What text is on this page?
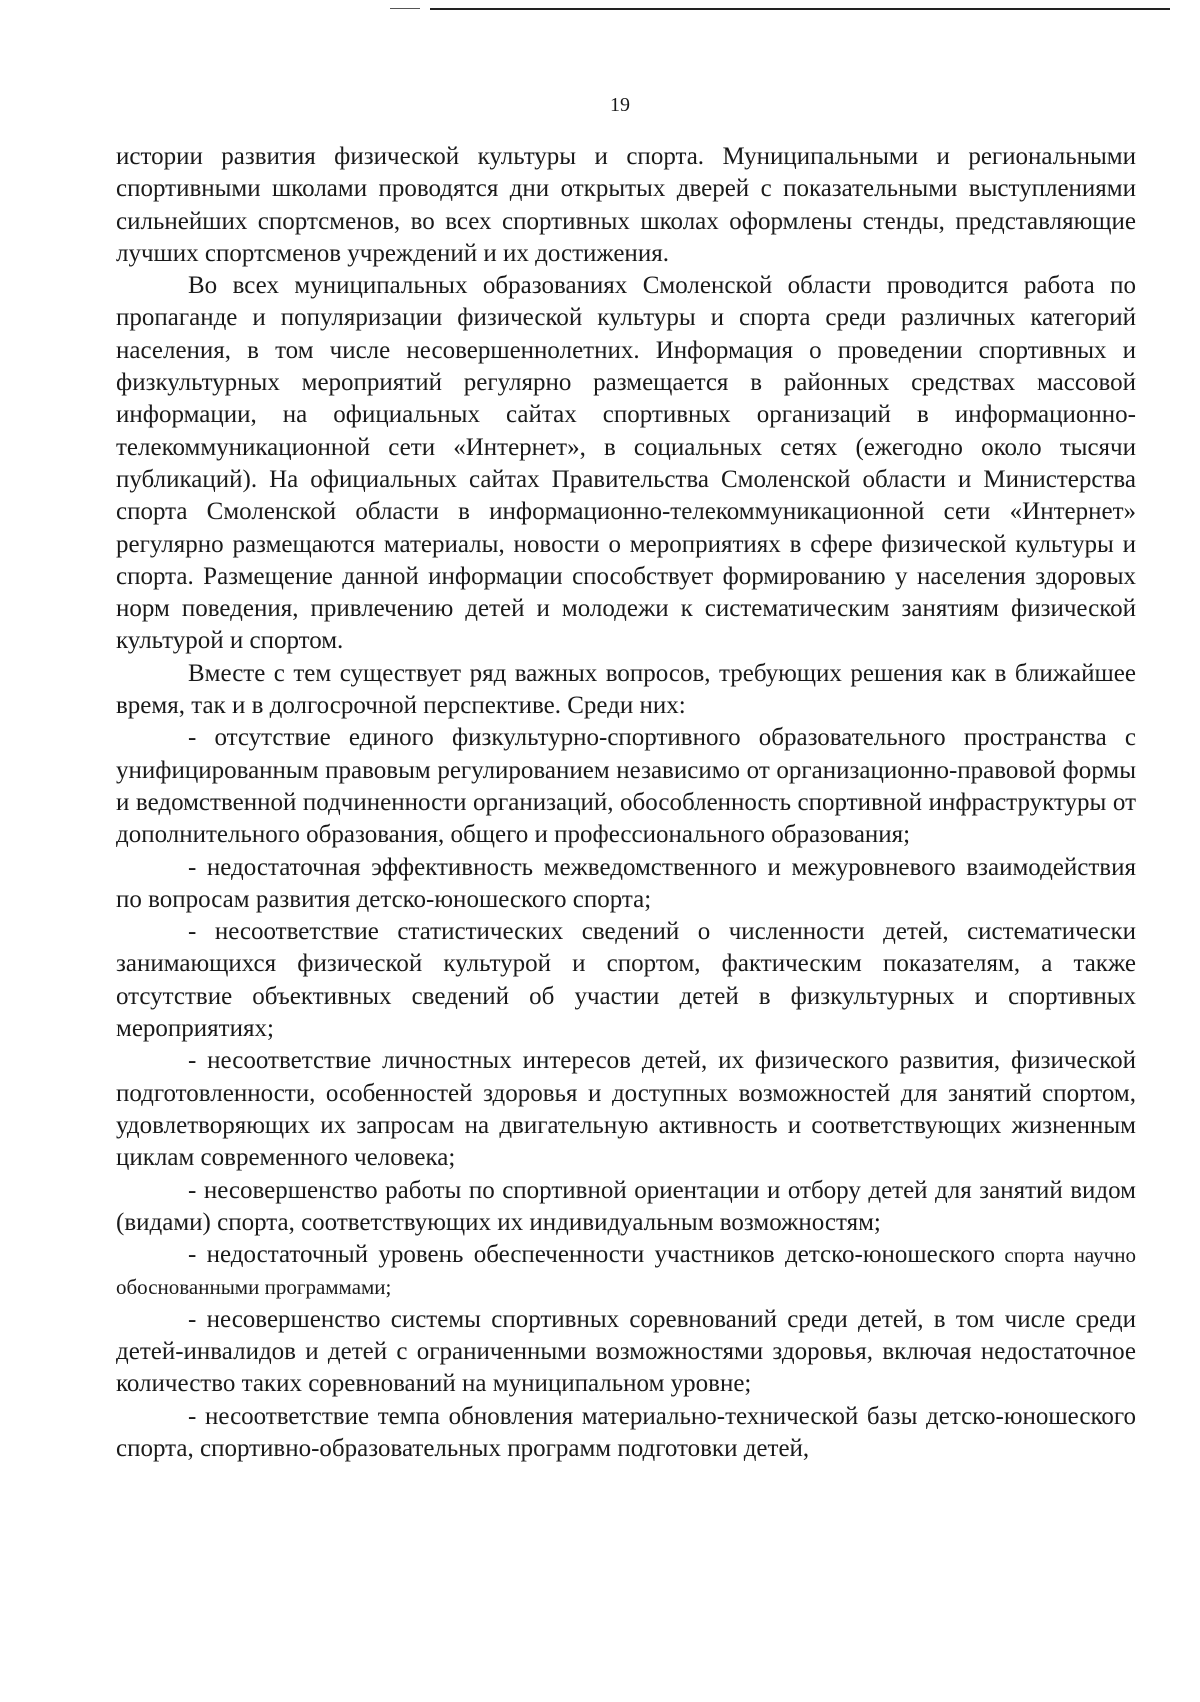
19

истории развития физической культуры и спорта. Муниципальными и региональными спортивными школами проводятся дни открытых дверей с показательными выступлениями сильнейших спортсменов, во всех спортивных школах оформлены стенды, представляющие лучших спортсменов учреждений и их достижения.

Во всех муниципальных образованиях Смоленской области проводится работа по пропаганде и популяризации физической культуры и спорта среди различных категорий населения, в том числе несовершеннолетних. Информация о проведении спортивных и физкультурных мероприятий регулярно размещается в районных средствах массовой информации, на официальных сайтах спортивных организаций в информационно-телекоммуникационной сети «Интернет», в социальных сетях (ежегодно около тысячи публикаций). На официальных сайтах Правительства Смоленской области и Министерства спорта Смоленской области в информационно-телекоммуникационной сети «Интернет» регулярно размещаются материалы, новости о мероприятиях в сфере физической культуры и спорта. Размещение данной информации способствует формированию у населения здоровых норм поведения, привлечению детей и молодежи к систематическим занятиям физической культурой и спортом.

Вместе с тем существует ряд важных вопросов, требующих решения как в ближайшее время, так и в долгосрочной перспективе. Среди них:

- отсутствие единого физкультурно-спортивного образовательного пространства с унифицированным правовым регулированием независимо от организационно-правовой формы и ведомственной подчиненности организаций, обособленность спортивной инфраструктуры от дополнительного образования, общего и профессионального образования;

- недостаточная эффективность межведомственного и межуровневого взаимодействия по вопросам развития детско-юношеского спорта;

- несоответствие статистических сведений о численности детей, систематически занимающихся физической культурой и спортом, фактическим показателям, а также отсутствие объективных сведений об участии детей в физкультурных и спортивных мероприятиях;

- несоответствие личностных интересов детей, их физического развития, физической подготовленности, особенностей здоровья и доступных возможностей для занятий спортом, удовлетворяющих их запросам на двигательную активность и соответствующих жизненным циклам современного человека;

- несовершенство работы по спортивной ориентации и отбору детей для занятий видом (видами) спорта, соответствующих их индивидуальным возможностям;

- недостаточный уровень обеспеченности участников детско-юношеского спорта научно обоснованными программами;

- несовершенство системы спортивных соревнований среди детей, в том числе среди детей-инвалидов и детей с ограниченными возможностями здоровья, включая недостаточное количество таких соревнований на муниципальном уровне;

- несоответствие темпа обновления материально-технической базы детско-юношеского спорта, спортивно-образовательных программ подготовки детей,
